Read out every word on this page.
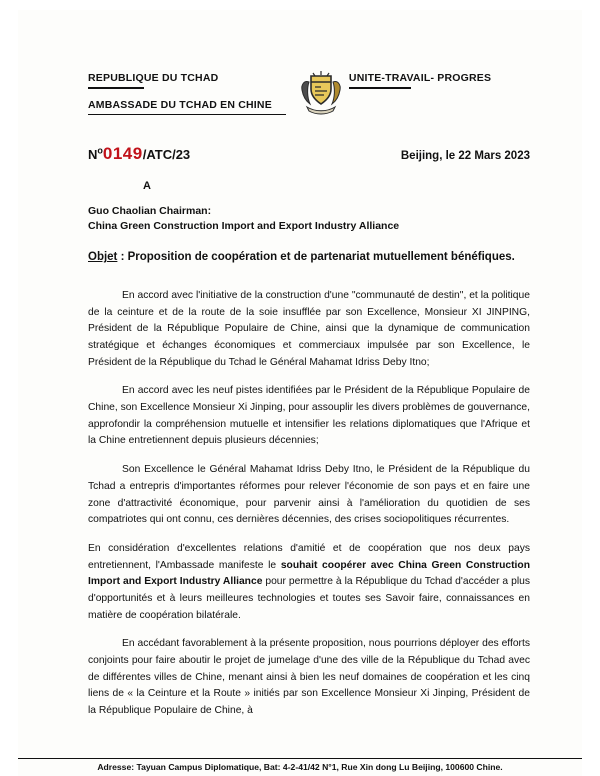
REPUBLIQUE DU TCHAD
AMBASSADE DU TCHAD EN CHINE
UNITE-TRAVAIL- PROGRES
$N^o0149/ATC/23$	Beijing, le 22 Mars 2023
A
Guo Chaolian Chairman:
China Green Construction Import and Export Industry Alliance
Objet : Proposition de coopération et de partenariat mutuellement bénéfiques.

En accord avec l'initiative de la construction d'une "communauté de destin", et la politique de la ceinture et de la route de la soie insufflée par son Excellence, Monsieur XI JINPING, Président de la République Populaire de Chine, ainsi que la dynamique de communication stratégique et échanges économiques et commerciaux impulsée par son Excellence, le Président de la République du Tchad le Général Mahamat Idriss Deby Itno;

En accord avec les neuf pistes identifiées par le Président de la République Populaire de Chine, son Excellence Monsieur Xi Jinping, pour assouplir les divers problèmes de gouvernance, approfondir la compréhension mutuelle et intensifier les relations diplomatiques que l'Afrique et la Chine entretiennent depuis plusieurs décennies;

Son Excellence le Général Mahamat Idriss Deby Itno, le Président de la République du Tchad a entrepris d'importantes réformes pour relever l'économie de son pays et en faire une zone d'attractivité économique, pour parvenir ainsi à l'amélioration du quotidien de ses compatriotes qui ont connu, ces dernières décennies, des crises sociopolitiques récurrentes.

En considération d'excellentes relations d'amitié et de coopération que nos deux pays entretiennent, l'Ambassade manifeste le souhait coopérer avec China Green Construction Import and Export Industry Alliance pour permettre à la République du Tchad d'accéder a plus d'opportunités et à leurs meilleures technologies et toutes ses Savoir faire, connaissances en matière de coopération bilatérale.

En accédant favorablement à la présente proposition, nous pourrions déployer des efforts conjoints pour faire aboutir le projet de jumelage d'une des ville de la République du Tchad avec de différentes villes de Chine, menant ainsi à bien les neuf domaines de coopération et les cinq liens de « la Ceinture et la Route » initiés par son Excellence Monsieur Xi Jinping, Président de la République Populaire de Chine, à

Adresse: Tayuan Campus Diplomatique, Bat: 4-2-41/42 N°1, Rue Xin dong Lu Beijing, 100600 Chine.
